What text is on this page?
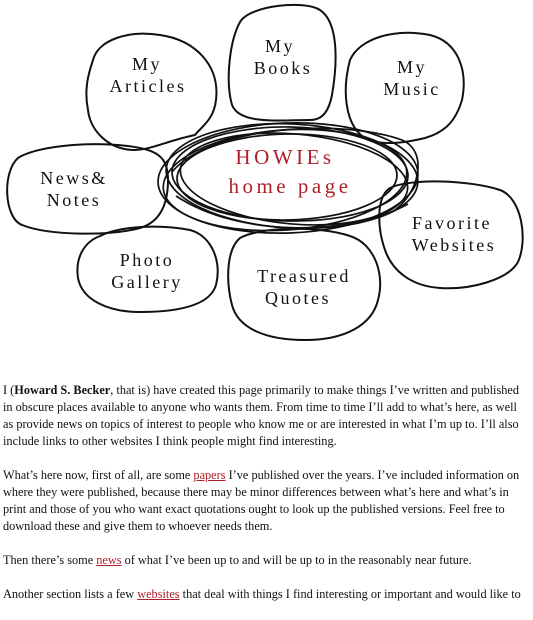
My
Articles
My
Books	My
Music
News&
Notes
Favorite
Websites
Photo
Gallery	Treasured
Quotes
HOWIEs
home page

I (Howard S. Becker, that is) have created this page primarily to make things I’ve written and published in obscure places available to anyone who wants them. From time to time I’ll add to what’s here, as well as provide news on topics of interest to people who know me or are interested in what I’m up to. I’ll also include links to other websites I think people might find interesting.

What’s here now, first of all, are some papers I’ve published over the years. I’ve included information on where they were published, because there may be minor differences between what’s here and what’s in print and those of you who want exact quotations ought to look up the published versions. Feel free to download these and give them to whoever needs them.

Then there’s some news of what I’ve been up to and will be up to in the reasonably near future.

Another section lists a few websites that deal with things I find interesting or important and would like to
